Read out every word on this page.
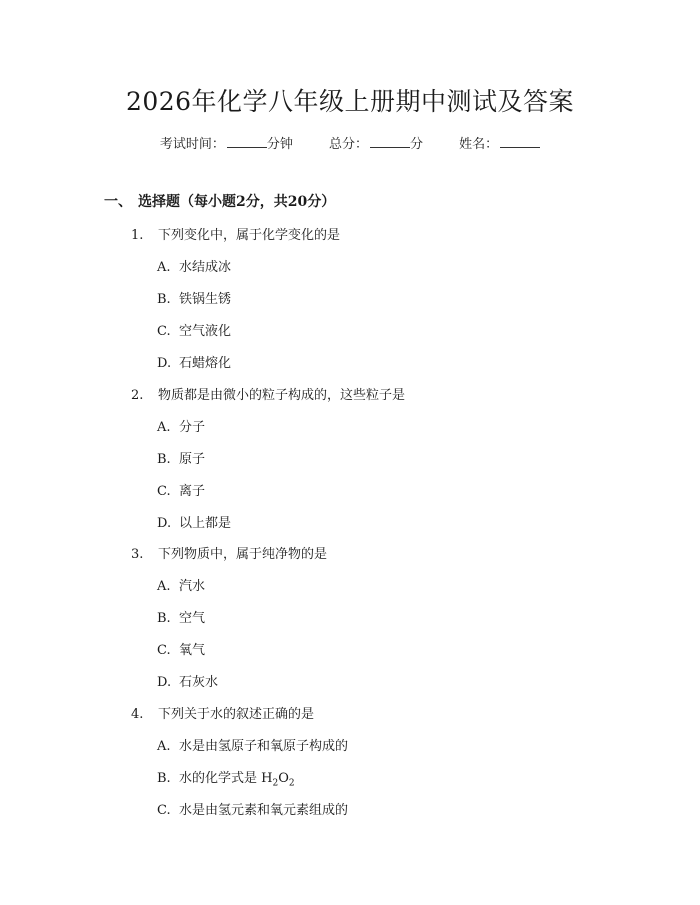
2026年化学八年级上册期中测试及答案
考试时间：	分钟	总分：	分	姓名：
一、 选择题（每小题2分，共20分）
1. 下列变化中，属于化学变化的是
A. 水结成冰
B. 铁锅生锈
C. 空气液化
D. 石蜡熔化
2. 物质都是由微小的粒子构成的，这些粒子是
A. 分子
B. 原子
C. 离子
D. 以上都是
3. 下列物质中，属于纯净物的是
A. 汽水
B. 空气
C. 氧气
D. 石灰水
4. 下列关于水的叙述正确的是
A. 水是由氢原子和氧原子构成的
B. 水的化学式是 $H_2O_2$
C. 水是由氢元素和氧元素组成的
